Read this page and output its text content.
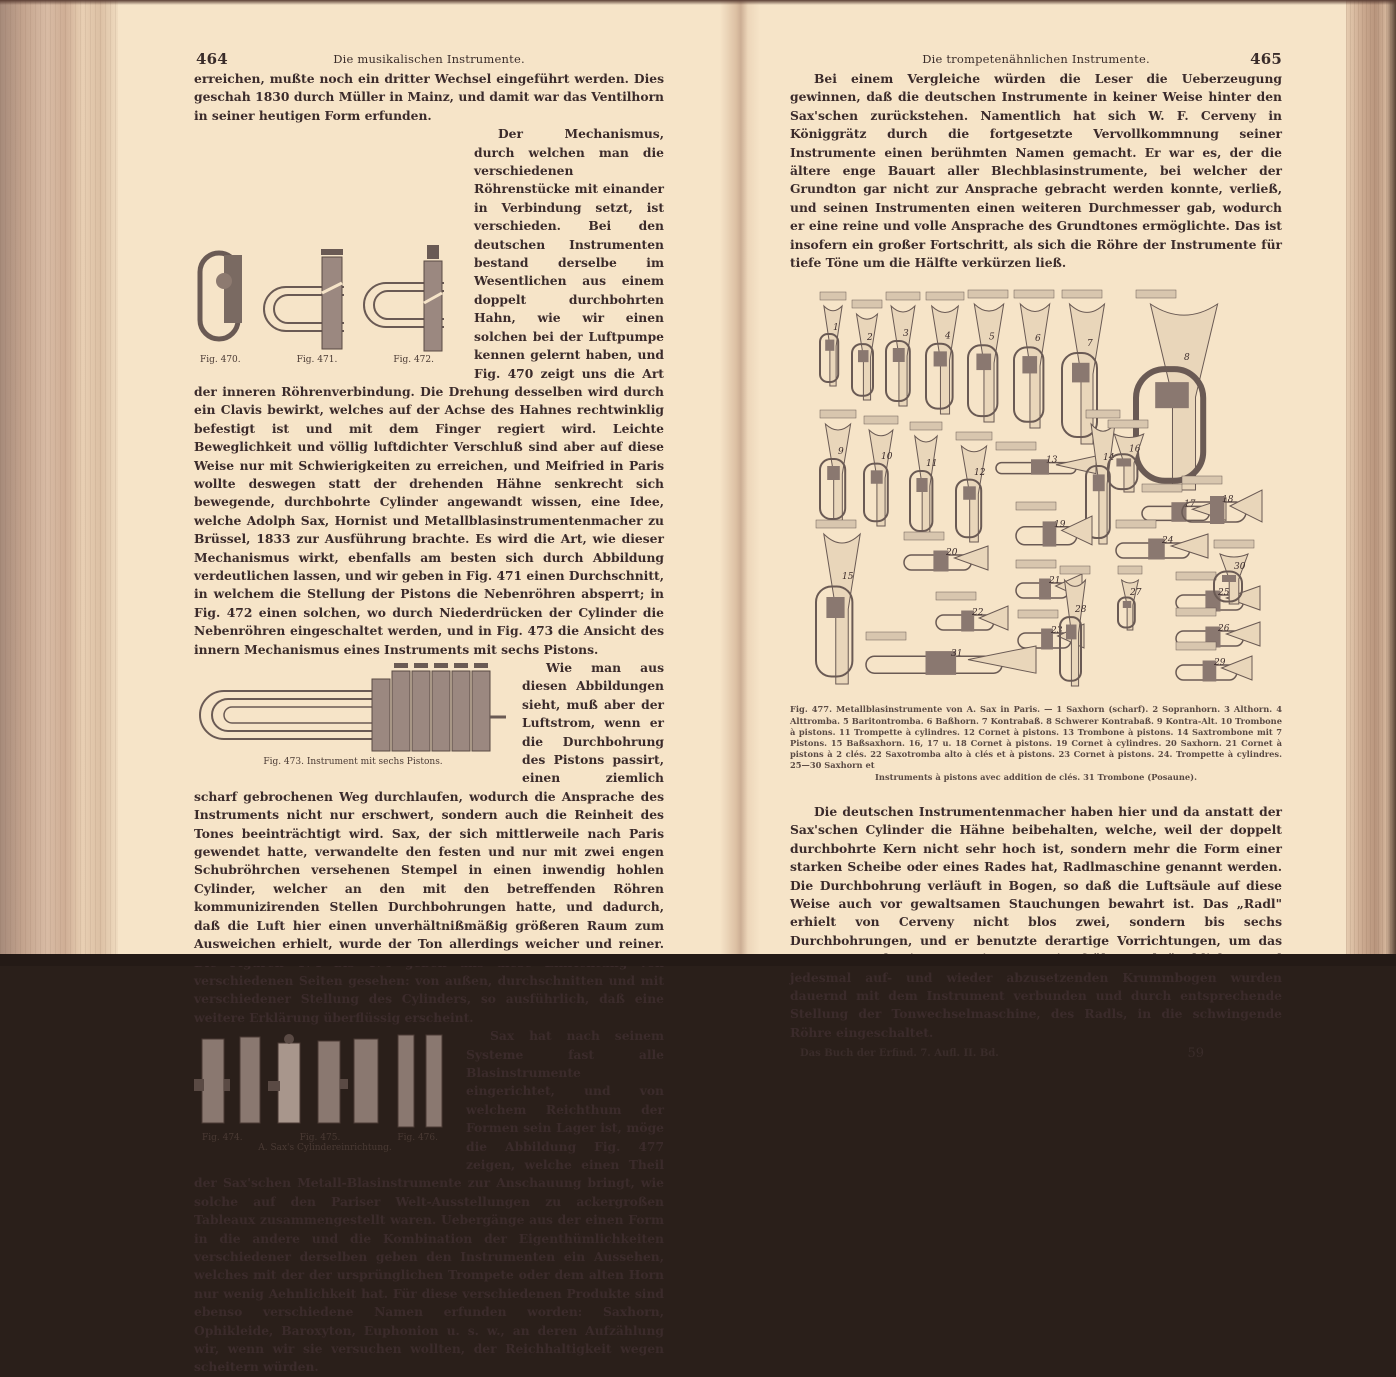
464	Die musikalischen Instrumente.

erreichen, mußte noch ein dritter Wechsel eingeführt werden. Dies geschah 1830 durch Müller in Mainz, und damit war das Ventilhorn in seiner heutigen Form erfunden.

Fig. 470.	Fig. 471.	Fig. 472.

Der Mechanismus, durch welchen man die verschiedenen Röhrenstücke mit einander in Verbindung setzt, ist verschieden. Bei den deutschen Instrumenten bestand derselbe im Wesentlichen aus einem doppelt durchbohrten Hahn, wie wir einen solchen bei der Luftpumpe kennen gelernt haben, und Fig. 470 zeigt uns die Art der inneren Röhrenverbindung. Die Drehung desselben wird durch ein Clavis bewirkt, welches auf der Achse des Hahnes rechtwinklig befestigt ist und mit dem Finger regiert wird. Leichte Beweglichkeit und völlig luftdichter Verschluß sind aber auf diese Weise nur mit Schwierigkeiten zu erreichen, und Meifried in Paris wollte deswegen statt der drehenden Hähne senkrecht sich bewegende, durchbohrte Cylinder angewandt wissen, eine Idee, welche Adolph Sax, Hornist und Metallblasinstrumentenmacher zu Brüssel, 1833 zur Ausführung brachte. Es wird die Art, wie dieser Mechanismus wirkt, ebenfalls am besten sich durch Abbildung verdeutlichen lassen, und wir geben in Fig. 471 einen Durchschnitt, in welchem die Stellung der Pistons die Nebenröhren absperrt; in Fig. 472 einen solchen, wo durch Niederdrücken der Cylinder die Nebenröhren eingeschaltet werden, und in Fig. 473 die Ansicht des innern Mechanismus eines Instruments mit sechs Pistons.

Fig. 473. Instrument mit sechs Pistons.

Wie man aus diesen Abbildungen sieht, muß aber der Luftstrom, wenn er die Durchbohrung des Pistons passirt, einen ziemlich scharf gebrochenen Weg durchlaufen, wodurch die Ansprache des Instruments nicht nur erschwert, sondern auch die Reinheit des Tones beeinträchtigt wird. Sax, der sich mittlerweile nach Paris gewendet hatte, verwandelte den festen und nur mit zwei engen Schubröhrchen versehenen Stempel in einen inwendig hohlen Cylinder, welcher an den mit den betreffenden Röhren kommunizirenden Stellen Durchbohrungen hatte, und dadurch, daß die Luft hier einen unverhältnißmäßig größeren Raum zum Ausweichen erhielt, wurde der Ton allerdings weicher und reiner. verschiedenen Seiten gesehen: von außen, durchschnitten und mit verschiedener Stellung des Cylinders, so ausführlich, daß eine weitere Erklärung überflüssig erscheint.

Fig. 474.	Fig. 475.	Fig. 476.
A. Sax's Cylindereinrichtung.

Sax hat nach seinem Systeme fast alle Blasinstrumente eingerichtet, und von welchem Reichthum der Formen sein Lager ist, möge die Abbildung Fig. 477 zeigen, welche einen Theil der Sax'schen Metall-Blasinstrumente zur Anschauung bringt, wie solche auf den Pariser Welt-Ausstellungen zu ackergroßen Tableaux zusammengestellt waren. Uebergänge aus der einen Form in die andere und die Kombination der Eigenthümlichkeiten verschiedener derselben geben den Instrumenten ein Aussehen, welches mit der der ursprünglichen Trompete oder dem alten Horn nur wenig Aehnlichkeit hat. Für diese verschiedenen Produkte sind ebenso verschiedene Namen erfunden worden: Saxhorn, Ophikleide, Baroxyton, Euphonion u. s. w., an deren Aufzählung wir, wenn wir sie versuchen wollten, der Reichhaltigkeit wegen scheitern würden.

Die trompetenähnlichen Instrumente.	465

Bei einem Vergleiche würden die Leser die Ueberzeugung gewinnen, daß die deutschen Instrumente in keiner Weise hinter den Sax'schen zurückstehen. Namentlich hat sich W. F. Cerveny in Königgrätz durch die fortgesetzte Vervollkommnung seiner Instrumente einen berühmten Namen gemacht. Er war es, der die ältere enge Bauart aller Blechblasinstrumente, bei welcher der Grundton gar nicht zur Ansprache gebracht werden konnte, verließ, und seinen Instrumenten einen weiteren Durchmesser gab, wodurch er eine reine und volle Ansprache des Grundtones ermöglichte. Das ist insofern ein großer Fortschritt, als sich die Röhre der Instrumente für tiefe Töne um die Hälfte verkürzen ließ.

1
2	3	4	5	6	7
8
9	10
11
12
13	14
15
16
17	18
19
20
21
22
23
24
25
26
27
28
29
30
31
Fig. 477. Metallblasinstrumente von A. Sax in Paris. — 1 Saxhorn (scharf). 2 Sopranhorn. 3 Althorn. 4 Alttromba. 5 Baritontromba. 6 Baßhorn. 7 Kontrabaß. 8 Schwerer Kontrabaß. 9 Kontra-Alt. 10 Trombone à pistons. 11 Trompette à cylindres. 12 Cornet à pistons. 13 Trombone à pistons. 14 Saxtrombone mit 7 Pistons. 15 Baßsaxhorn. 16, 17 u. 18 Cornet à pistons. 19 Cornet à cylindres. 20 Saxhorn. 21 Cornet à pistons à 2 clés. 22 Saxotromba alto à clés et à pistons. 23 Cornet à pistons. 24. Trompette à cylindres. 25—30 Saxhorn et
Instruments à pistons avec addition de clés. 31 Trombone (Posaune).

Die deutschen Instrumentenmacher haben hier und da anstatt der Sax'schen Cylinder die Hähne beibehalten, welche, weil der doppelt durchbohrte Kern nicht sehr hoch ist, sondern mehr die Form einer starken Scheibe oder eines Rades hat, Radlmaschine genannt werden. Die Durchbohrung verläuft in Bogen, so daß die Luftsäule auf diese Weise auch vor gewaltsamen Stauchungen bewahrt ist. Das „Radl" erhielt von Cerveny nicht blos zwei, sondern bis sechs Durchbohrungen, und er benutzte derartige Vorrichtungen, um das jedesmal auf- und wieder abzusetzenden Krummbogen wurden dauernd mit dem Instrument verbunden und durch entsprechende Stellung der Tonwechselmaschine, des Radls, in die schwingende Röhre eingeschaltet.

Das Buch der Erfind. 7. Aufl. II. Bd.	59
